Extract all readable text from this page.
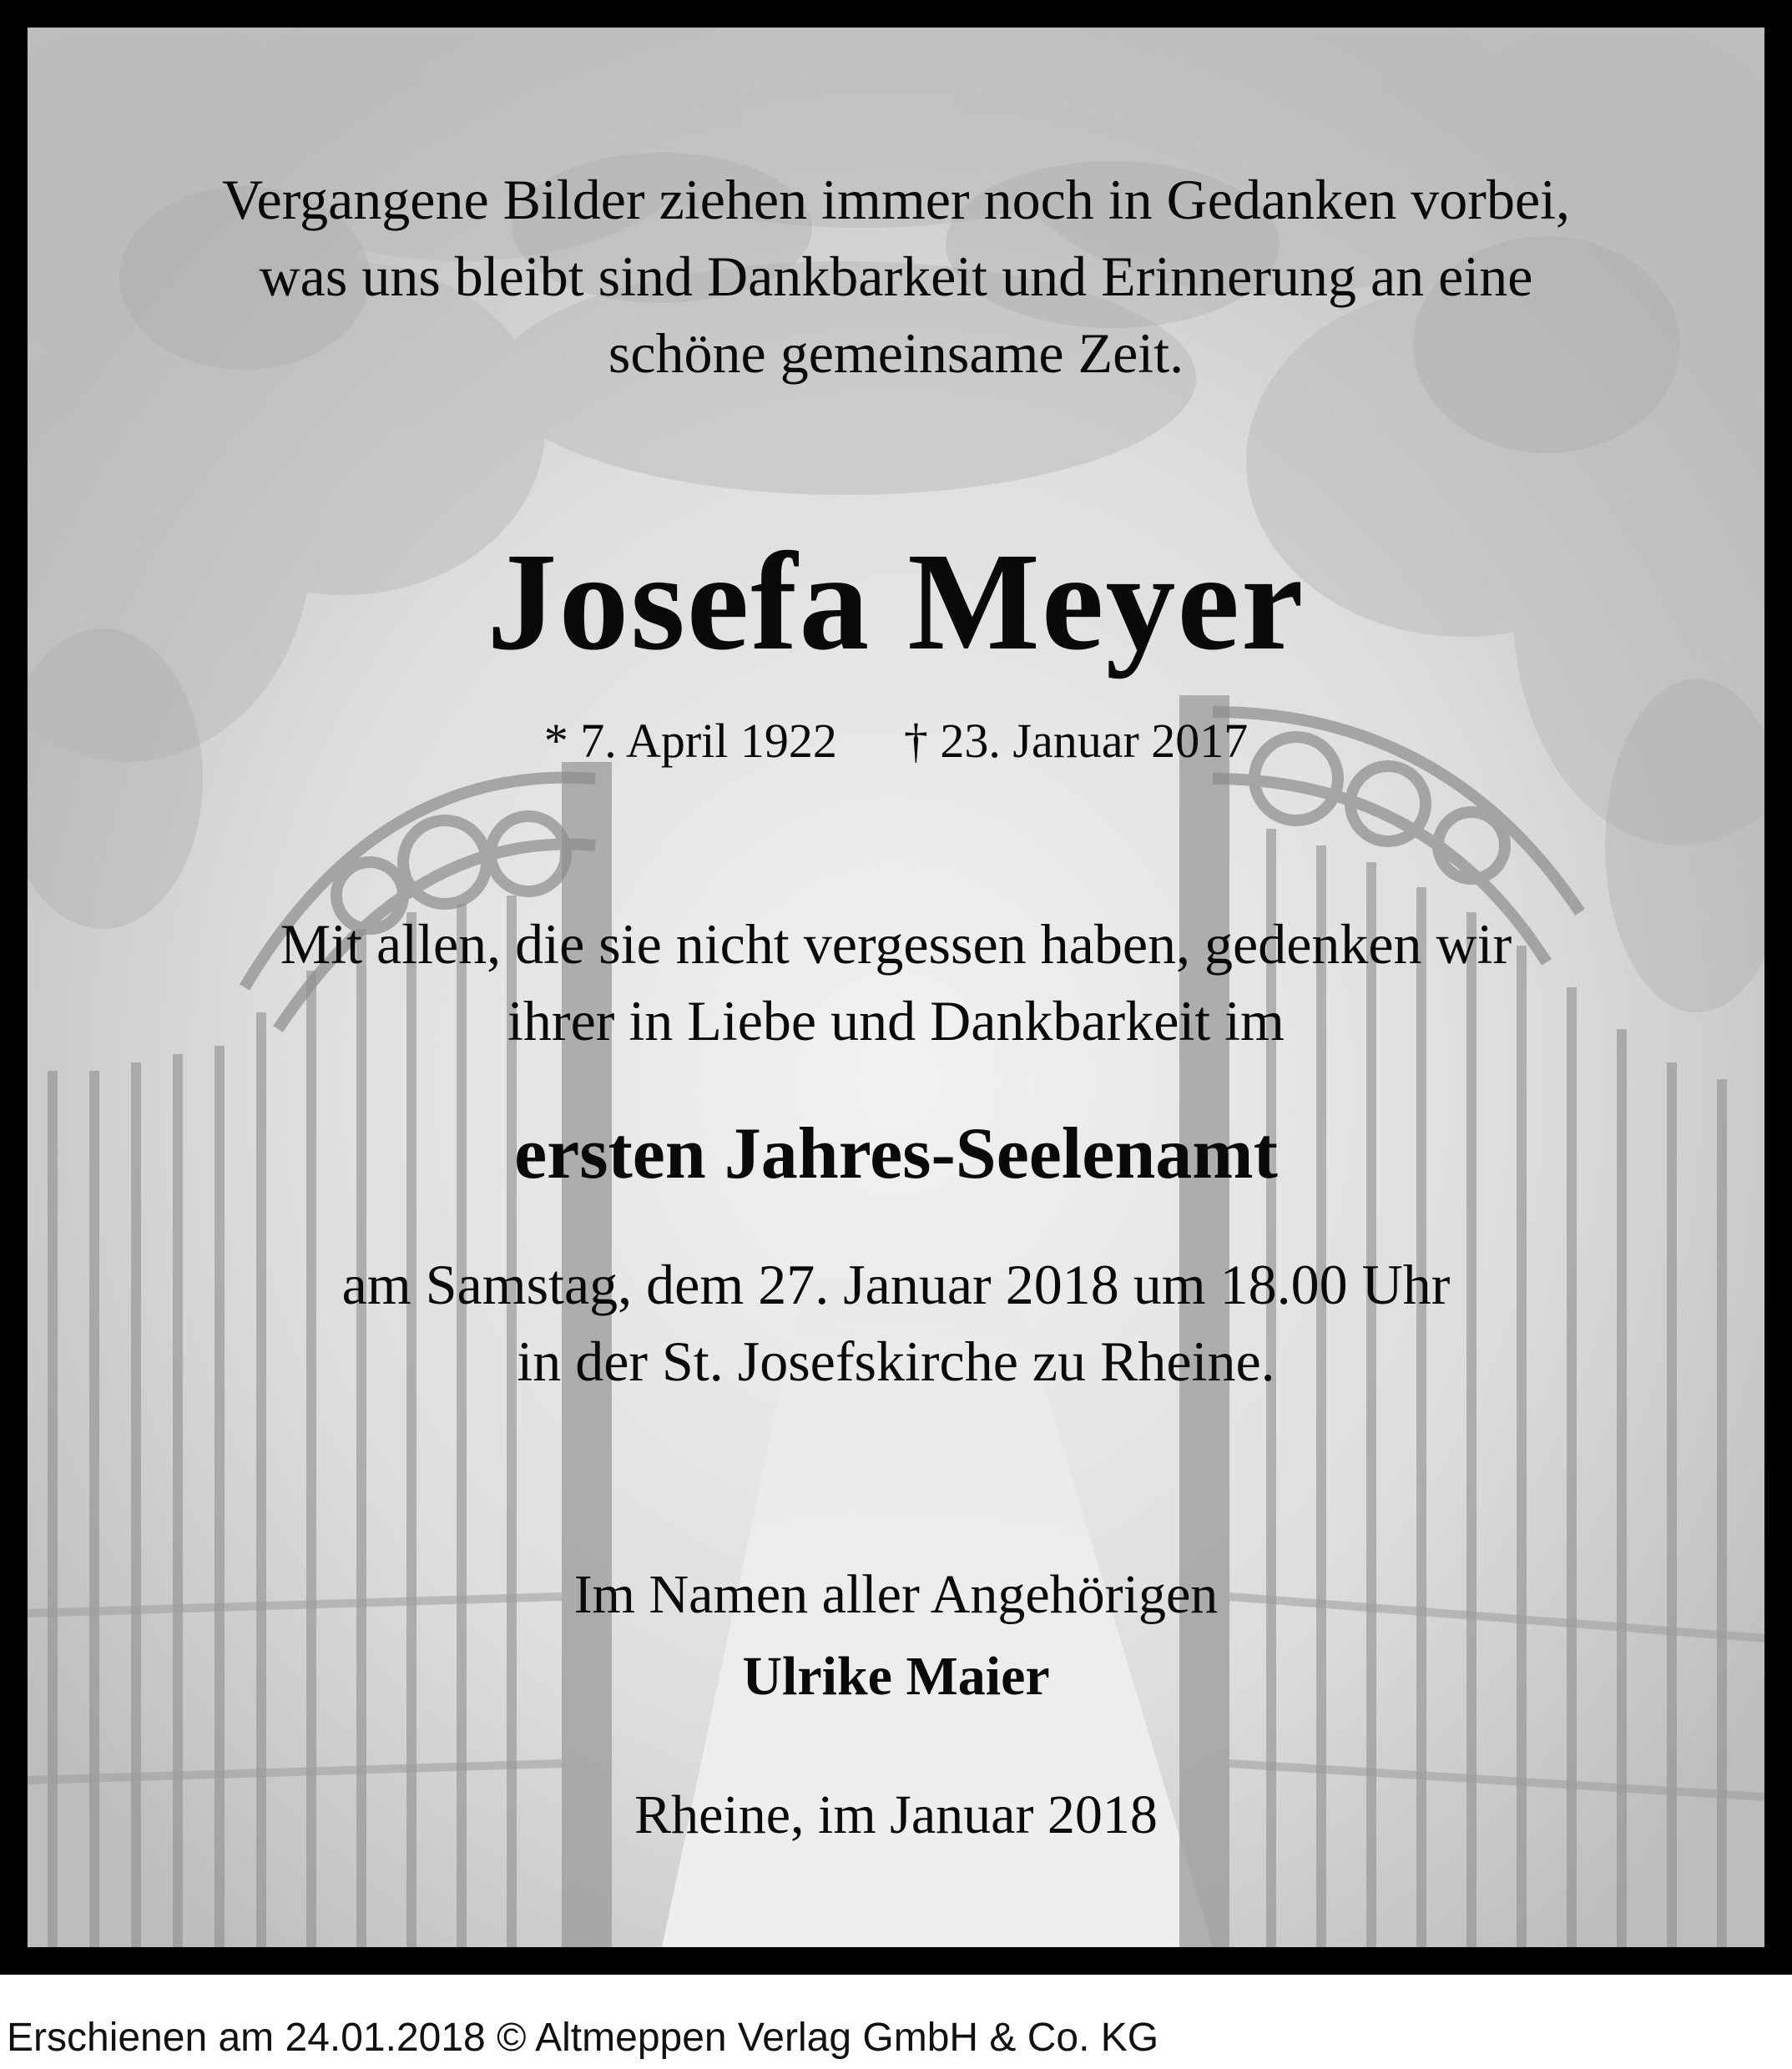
Vergangene Bilder ziehen immer noch in Gedanken vorbei,
was uns bleibt sind Dankbarkeit und Erinnerung an eine
schöne gemeinsame Zeit.
Josefa Meyer
* 7. April 1922 † 23. Januar 2017
Mit allen, die sie nicht vergessen haben, gedenken wir
ihrer in Liebe und Dankbarkeit im
ersten Jahres-Seelenamt
am Samstag, dem 27. Januar 2018 um 18.00 Uhr
in der St. Josefskirche zu Rheine.
Im Namen aller Angehörigen
Ulrike Maier
Rheine, im Januar 2018
Erschienen am 24.01.2018 © Altmeppen Verlag GmbH & Co. KG
